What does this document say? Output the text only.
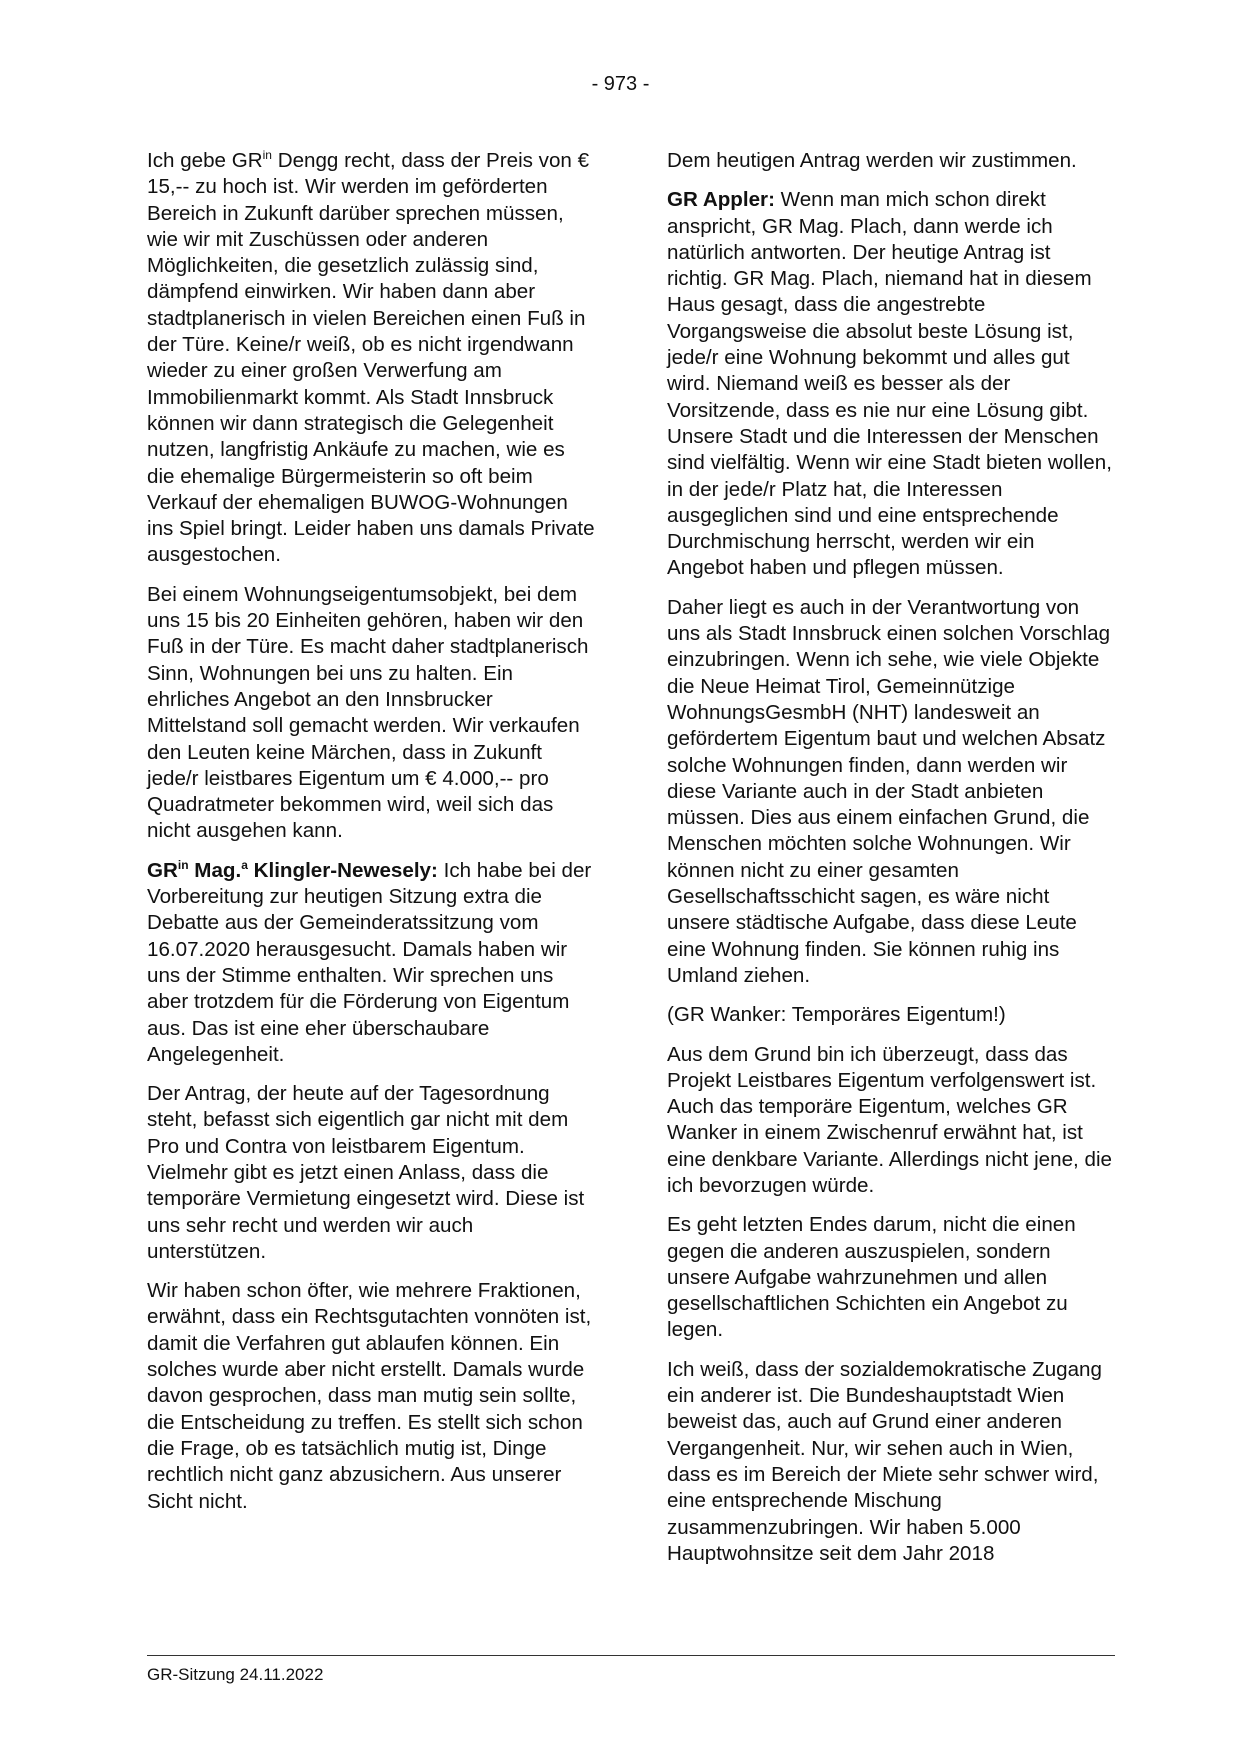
- 973 -

Ich gebe $GR^{in}$ Dengg recht, dass der Preis von € 15,-- zu hoch ist. Wir werden im geförderten Bereich in Zukunft darüber sprechen müssen, wie wir mit Zuschüssen oder anderen Möglichkeiten, die gesetzlich zulässig sind, dämpfend einwirken. Wir haben dann aber stadtplanerisch in vielen Bereichen einen Fuß in der Türe. Keine/r weiß, ob es nicht irgendwann wieder zu einer großen Verwerfung am Immobilienmarkt kommt. Als Stadt Innsbruck können wir dann strategisch die Gelegenheit nutzen, langfristig Ankäufe zu machen, wie es die ehemalige Bürgermeisterin so oft beim Verkauf der ehemaligen BUWOG-Wohnungen ins Spiel bringt. Leider haben uns damals Private ausgestochen.

Bei einem Wohnungseigentumsobjekt, bei dem uns 15 bis 20 Einheiten gehören, haben wir den Fuß in der Türe. Es macht daher stadtplanerisch Sinn, Wohnungen bei uns zu halten. Ein ehrliches Angebot an den Innsbrucker Mittelstand soll gemacht werden. Wir verkaufen den Leuten keine Märchen, dass in Zukunft jede/r leistbares Eigentum um € 4.000,-- pro Quadratmeter bekommen wird, weil sich das nicht ausgehen kann.

$GR^{in}$ Mag.$^a$ Klingler-Newesely: Ich habe bei der Vorbereitung zur heutigen Sitzung extra die Debatte aus der Gemeinderatssitzung vom 16.07.2020 herausgesucht. Damals haben wir uns der Stimme enthalten. Wir sprechen uns aber trotzdem für die Förderung von Eigentum aus. Das ist eine eher überschaubare Angelegenheit.

Der Antrag, der heute auf der Tagesordnung steht, befasst sich eigentlich gar nicht mit dem Pro und Contra von leistbarem Eigentum. Vielmehr gibt es jetzt einen Anlass, dass die temporäre Vermietung eingesetzt wird. Diese ist uns sehr recht und werden wir auch unterstützen.

Wir haben schon öfter, wie mehrere Fraktionen, erwähnt, dass ein Rechtsgutachten vonnöten ist, damit die Verfahren gut ablaufen können. Ein solches wurde aber nicht erstellt. Damals wurde davon gesprochen, dass man mutig sein sollte, die Entscheidung zu treffen. Es stellt sich schon die Frage, ob es tatsächlich mutig ist, Dinge rechtlich nicht ganz abzusichern. Aus unserer Sicht nicht.

Dem heutigen Antrag werden wir zustimmen.

GR Appler: Wenn man mich schon direkt anspricht, GR Mag. Plach, dann werde ich natürlich antworten. Der heutige Antrag ist richtig. GR Mag. Plach, niemand hat in diesem Haus gesagt, dass die angestrebte Vorgangsweise die absolut beste Lösung ist, jede/r eine Wohnung bekommt und alles gut wird. Niemand weiß es besser als der Vorsitzende, dass es nie nur eine Lösung gibt. Unsere Stadt und die Interessen der Menschen sind vielfältig. Wenn wir eine Stadt bieten wollen, in der jede/r Platz hat, die Interessen ausgeglichen sind und eine entsprechende Durchmischung herrscht, werden wir ein Angebot haben und pflegen müssen.

Daher liegt es auch in der Verantwortung von uns als Stadt Innsbruck einen solchen Vorschlag einzubringen. Wenn ich sehe, wie viele Objekte die Neue Heimat Tirol, Gemeinnützige WohnungsGesmbH (NHT) landesweit an gefördertem Eigentum baut und welchen Absatz solche Wohnungen finden, dann werden wir diese Variante auch in der Stadt anbieten müssen. Dies aus einem einfachen Grund, die Menschen möchten solche Wohnungen. Wir können nicht zu einer gesamten Gesellschaftsschicht sagen, es wäre nicht unsere städtische Aufgabe, dass diese Leute eine Wohnung finden. Sie können ruhig ins Umland ziehen.

(GR Wanker: Temporäres Eigentum!)

Aus dem Grund bin ich überzeugt, dass das Projekt Leistbares Eigentum verfolgenswert ist. Auch das temporäre Eigentum, welches GR Wanker in einem Zwischenruf erwähnt hat, ist eine denkbare Variante. Allerdings nicht jene, die ich bevorzugen würde.

Es geht letzten Endes darum, nicht die einen gegen die anderen auszuspielen, sondern unsere Aufgabe wahrzunehmen und allen gesellschaftlichen Schichten ein Angebot zu legen.

Ich weiß, dass der sozialdemokratische Zugang ein anderer ist. Die Bundeshauptstadt Wien beweist das, auch auf Grund einer anderen Vergangenheit. Nur, wir sehen auch in Wien, dass es im Bereich der Miete sehr schwer wird, eine entsprechende Mischung zusammenzubringen. Wir haben 5.000 Hauptwohnsitze seit dem Jahr 2018

GR-Sitzung 24.11.2022
